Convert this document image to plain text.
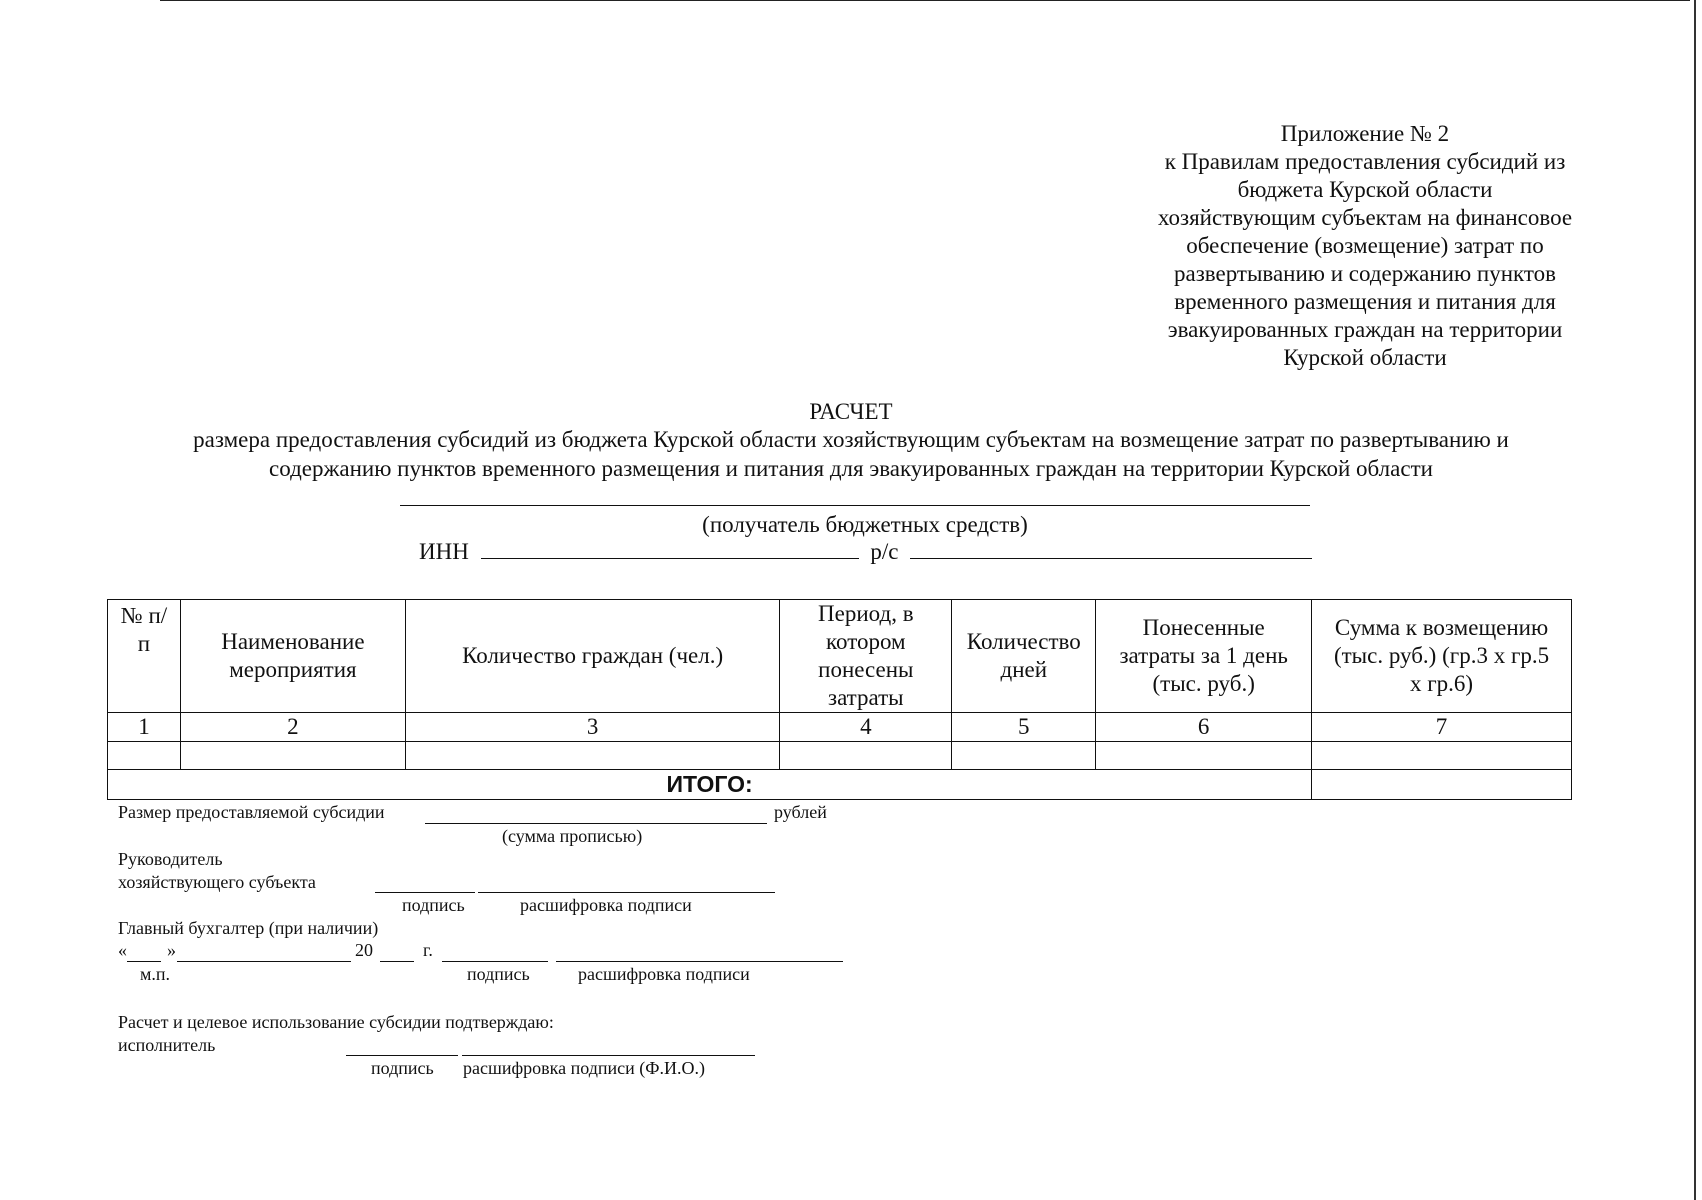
Приложение № 2
к Правилам предоставления субсидий из
бюджета Курской области
хозяйствующим субъектам на финансовое
обеспечение (возмещение) затрат по
развертыванию и содержанию пунктов
временного размещения и питания для
эвакуированных граждан на территории
Курской области
РАСЧЕТ
размера предоставления субсидий из бюджета Курской области хозяйствующим субъектам на возмещение затрат по развертыванию и
содержанию пунктов временного размещения и питания для эвакуированных граждан на территории Курской области
(получатель бюджетных средств)
ИНН	р/с
№ п/п	Наименование мероприятия	Количество граждан (чел.)	Период, в котором понесены затраты	Количество дней	Понесенные затраты за 1 день (тыс. руб.)	Сумма к возмещению (тыс. руб.) (гр.3 х гр.5 х гр.6)
1	2	3	4	5	6	7

ИТОГО:						
Размер предоставляемой субсидии	рублей
(сумма прописью)
Руководитель
хозяйствующего субъекта
подпись	расшифровка подписи
Главный бухгалтер (при наличии)
« »	20	г.
м.п.	подпись	расшифровка подписи
Расчет и целевое использование субсидии подтверждаю:
исполнитель
подпись расшифровка подписи (Ф.И.О.)
